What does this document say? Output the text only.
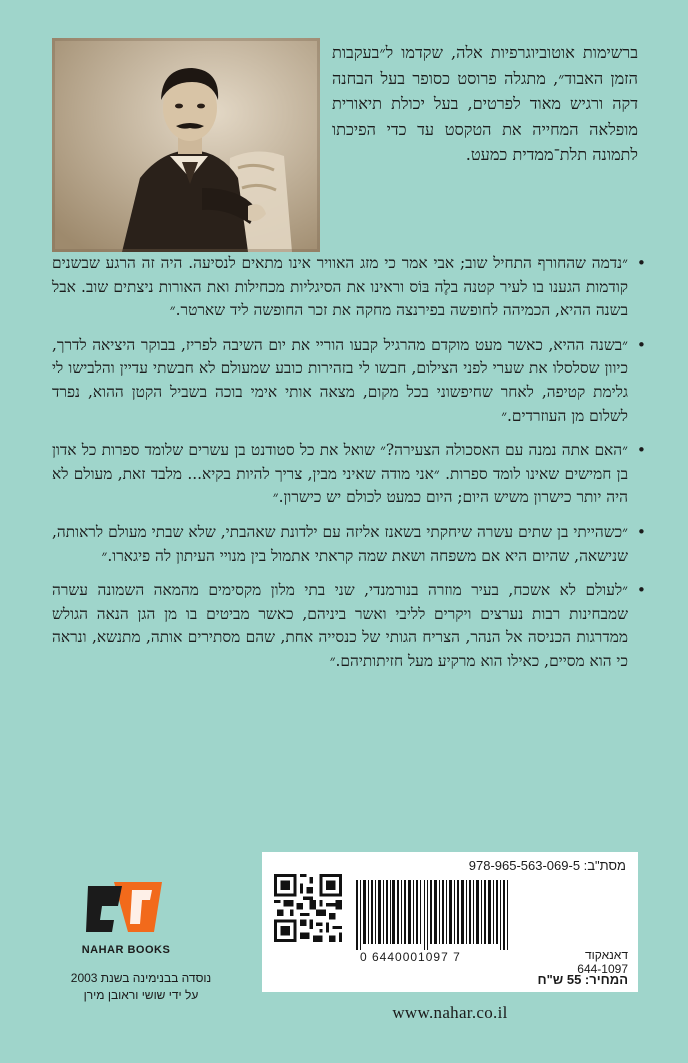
ברשימות אוטוביוגרפיות אלה, שקדמו ל״בעקבות הזמן האבוד״, מתגלה פרוסט כסופר בעל הבחנה דקה ורגיש מאוד לפרטים, בעל יכולת תיאורית מופלאה המחייה את הטקסט עד כדי הפיכתו לתמונה תלת־ממדית כמעט.
•
״נדמה שהחורף התחיל שוב; אבי אמר כי מזג האוויר אינו מתאים לנסיעה. היה זה הרגע שבשנים קודמות הגענו בו לעיר קטנה בלֶה בּוֹס וראינו את הסיגליות מכחילות ואת האורות ניצתים שוב. אבל בשנה ההיא, הכמיהה לחופשה בפירנצה מחקה את זכר החופשה ליד שארטר.״
•
״בשנה ההיא, כאשר מעט מוקדם מהרגיל קבעו הוריי את יום השיבה לפריז, בבוקר היציאה לדרך, כיוון שסלסלו את שערי לפני הצילום, חבשו לי בזהירות כובע שמעולם לא חבשתי עדיין והלבישו לי גלימת קטיפה, לאחר שחיפשוני בכל מקום, מצאה אותי אימי בוכה בשביל הקטן ההוא, נפרד לשלום מן העוזרדים.״
•
״האם אתה נמנה עם האסכולה הצעירה?״ שואל את כל סטודנט בן עשרים שלומד ספרות כל אדון בן חמישים שאינו לומד ספרות. ״אני מודה שאיני מבין, צריך להיות בקיא... מלבד זאת, מעולם לא היה יותר כישרון משיש היום; היום כמעט לכולם יש כישרון.״
•
״כשהייתי בן שתים עשרה שיחקתי בשאנז אליזה עם ילדונת שאהבתי, שלא שבתי מעולם לראותה, שנישאה, שהיום היא אם משפחה ושאת שמה קראתי אתמול בין מנויי העיתון לה פיגארו.״
•
״לעולם לא אשכח, בעיר מוזרה בנורמנדי, שני בתי מלון מקסימים מהמאה השמונה עשרה שמבחינות רבות נערצים ויקרים לליבי ואשר ביניהם, כאשר מביטים בו מן הגן הנאה הגולש ממדרגות הכניסה אל הנהר, הצריח הגותי של כנסייה אחת, שהם מסתירים אותה, מתנשא, ונראה כי הוא מסיים, כאילו הוא מרקיע מעל חזיתותיהם.״
NAHAR BOOKS
נוסדה בבנימינה בשנת 2003
על ידי שושי וראובן מירן
מסת"ב: 978-965-563-069-5
0 6440001097 7	דאנאקוד
644-1097
המחיר: 55 ש"ח
www.nahar.co.il
